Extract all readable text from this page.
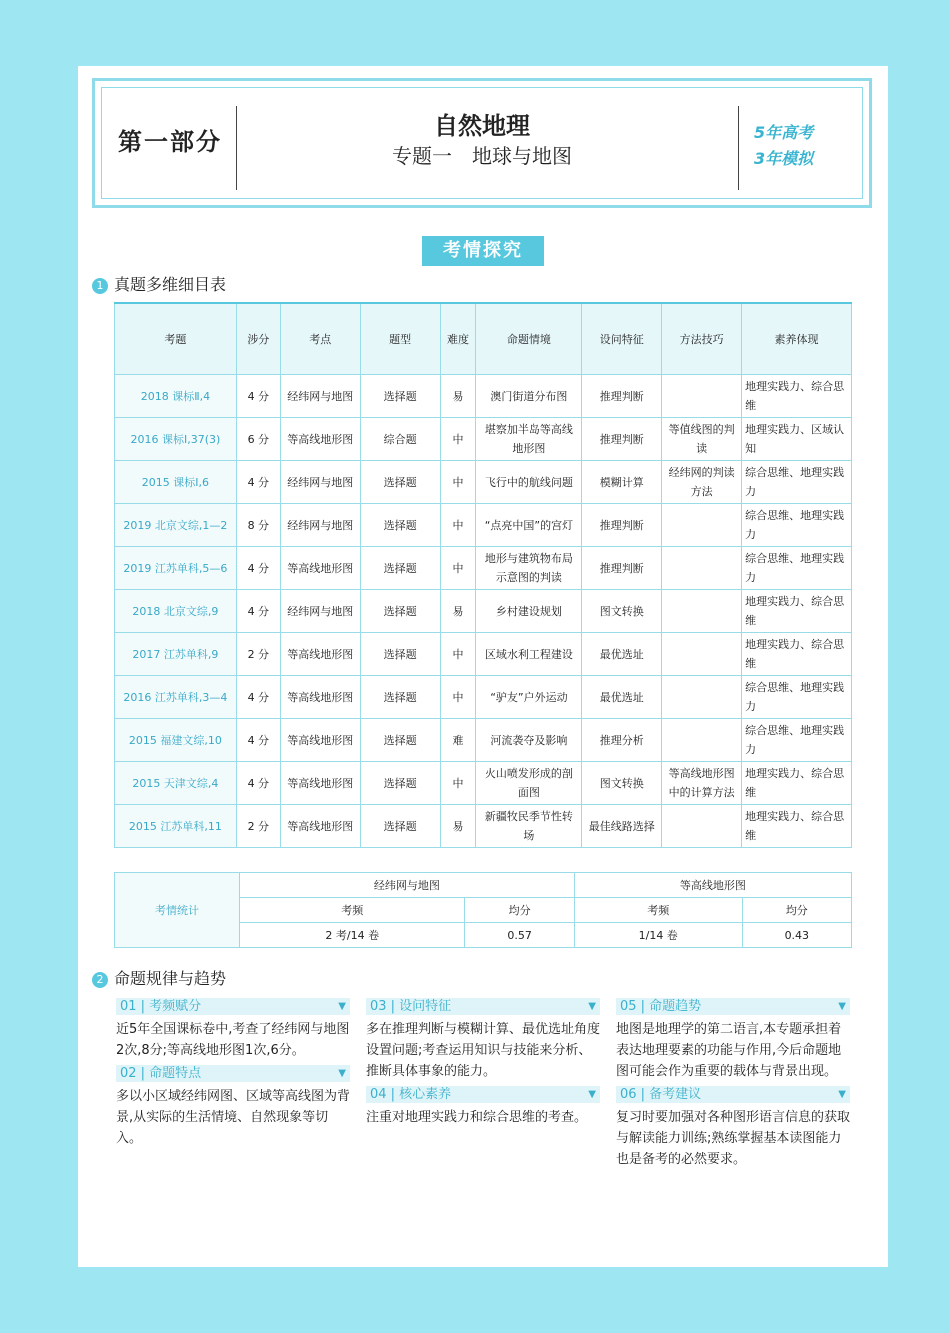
第一部分
自然地理
专题一　地球与地图
5年高考
3年模拟
考情探究
1 真题多维细目表
考题	涉分	考点	题型	难度	命题情境	设问特征	方法技巧	素养体现
2018 课标Ⅱ,4	4 分	经纬网与地图	选择题	易	澳门街道分布图	推理判断		地理实践力、综合思维
2016 课标Ⅰ,37(3)	6 分	等高线地形图	综合题	中	堪察加半岛等高线地形图	推理判断	等值线图的判读	地理实践力、区域认知
2015 课标Ⅰ,6	4 分	经纬网与地图	选择题	中	飞行中的航线问题	模糊计算	经纬网的判读方法	综合思维、地理实践力
2019 北京文综,1—2	8 分	经纬网与地图	选择题	中	“点亮中国”的宫灯	推理判断		综合思维、地理实践力
2019 江苏单科,5—6	4 分	等高线地形图	选择题	中	地形与建筑物布局示意图的判读	推理判断		综合思维、地理实践力
2018 北京文综,9	4 分	经纬网与地图	选择题	易	乡村建设规划	图文转换		地理实践力、综合思维
2017 江苏单科,9	2 分	等高线地形图	选择题	中	区域水利工程建设	最优选址		地理实践力、综合思维
2016 江苏单科,3—4	4 分	等高线地形图	选择题	中	“驴友”户外运动	最优选址		综合思维、地理实践力
2015 福建文综,10	4 分	等高线地形图	选择题	难	河流袭夺及影响	推理分析		综合思维、地理实践力
2015 天津文综,4	4 分	等高线地形图	选择题	中	火山喷发形成的剖面图	图文转换	等高线地形图中的计算方法	地理实践力、综合思维
2015 江苏单科,11	2 分	等高线地形图	选择题	易	新疆牧民季节性转场	最佳线路选择		地理实践力、综合思维
考情统计	经纬网与地图		等高线地形图	
	考频	均分	考频	均分
	2 考/14 卷	0.57	1/14 卷	0.43
2 命题规律与趋势
01 | 考频赋分	▼
近5年全国课标卷中,考查了经纬网与地图2次,8分;等高线地形图1次,6分。
02 | 命题特点	▼
多以小区域经纬网图、区域等高线图为背景,从实际的生活情境、自然现象等切入。
03 | 设问特征	▼
多在推理判断与模糊计算、最优选址角度设置问题;考查运用知识与技能来分析、推断具体事象的能力。
04 | 核心素养	▼
注重对地理实践力和综合思维的考查。
05 | 命题趋势	▼
地图是地理学的第二语言,本专题承担着表达地理要素的功能与作用,今后命题地图可能会作为重要的载体与背景出现。
06 | 备考建议	▼
复习时要加强对各种图形语言信息的获取与解读能力训练;熟练掌握基本读图能力也是备考的必然要求。
